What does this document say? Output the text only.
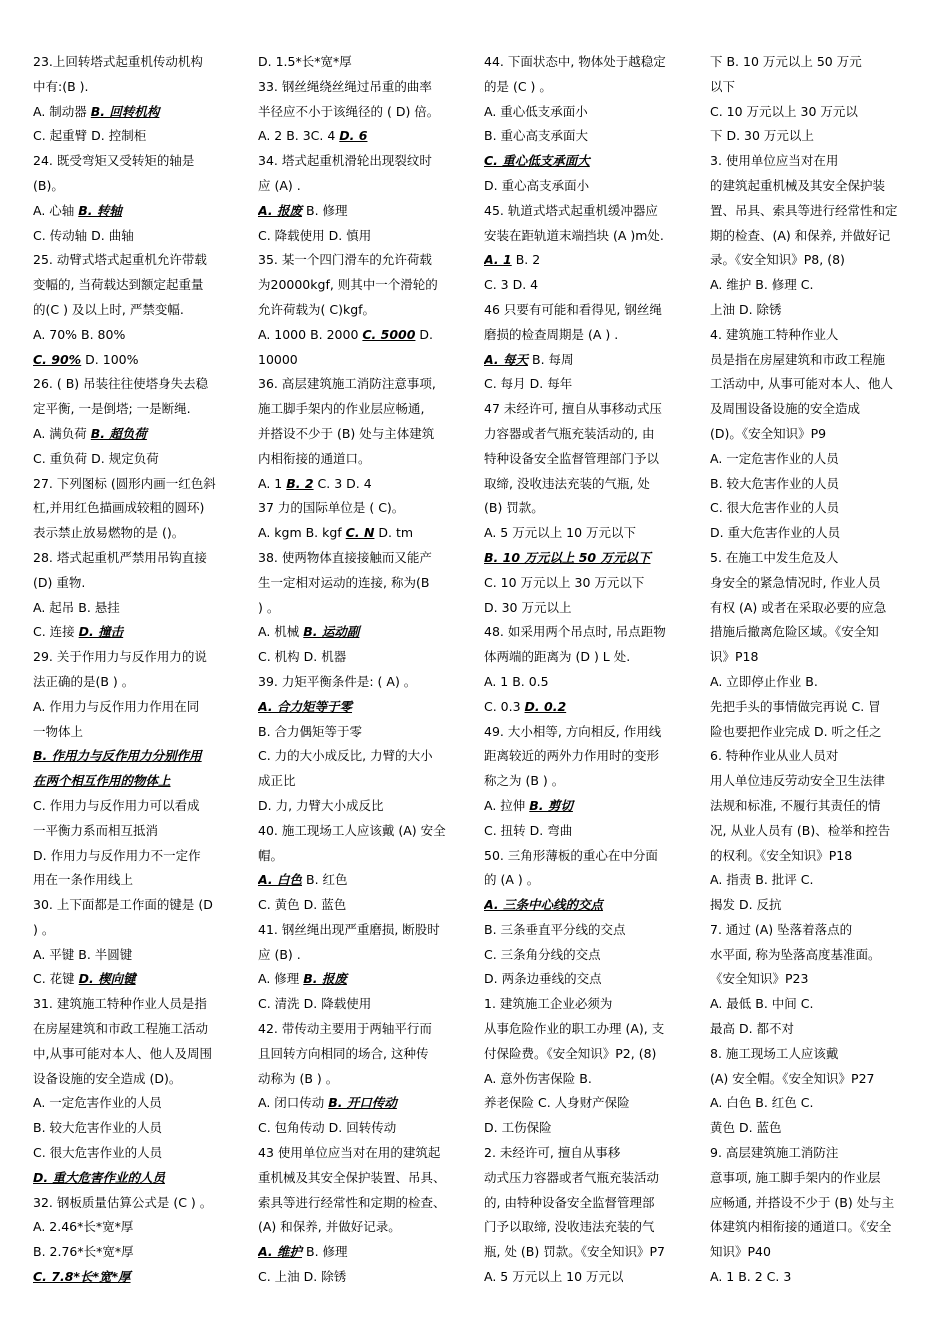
23.上回转塔式起重机传动机构
中有:(B ).
A. 制动器 B. 回转机构
C. 起重臂 D. 控制柜
24. 既受弯矩又受转矩的轴是
(B)。
A. 心轴 B. 转轴
C. 传动轴 D. 曲轴
25. 动臂式塔式起重机允许带载
变幅的, 当荷载达到额定起重量
的(C ) 及以上时, 严禁变幅.
A. 70% B. 80%
C. 90% D. 100%
26. ( B) 吊装往往使塔身失去稳
定平衡, 一是倒塔; 一是断绳.
A. 满负荷 B. 超负荷
C. 重负荷 D. 规定负荷
27. 下列图标 (圆形内画一红色斜
杠,并用红色描画成较粗的圆环)
表示禁止放易燃物的是 ()。
28. 塔式起重机严禁用吊钩直接
(D) 重物.
A. 起吊 B. 悬挂
C. 连接 D. 撞击
29. 关于作用力与反作用力的说
法正确的是(B ) 。
A. 作用力与反作用力作用在同
一物体上
B. 作用力与反作用力分别作用
在两个相互作用的物体上
C. 作用力与反作用力可以看成
一平衡力系而相互抵消
D. 作用力与反作用力不一定作
用在一条作用线上
30. 上下面都是工作面的键是 (D
) 。
A. 平键 B. 半圆键
C. 花键 D. 楔向键
31. 建筑施工特种作业人员是指
在房屋建筑和市政工程施工活动
中,从事可能对本人、他人及周围
设备设施的安全造成 (D)。
A. 一定危害作业的人员
B. 较大危害作业的人员
C. 很大危害作业的人员
D. 重大危害作业的人员
32. 钢板质量估算公式是 (C ) 。
A. 2.46*长*宽*厚
B. 2.76*长*宽*厚
C. 7.8*长*宽*厚
D. 1.5*长*宽*厚
33. 钢丝绳绕丝绳过吊重的曲率
半径应不小于该绳径的 ( D) 倍。
A. 2 B. 3C. 4 D. 6
34. 塔式起重机滑轮出现裂纹时
应 (A) .
A. 报废 B. 修理
C. 降载使用 D. 慎用
35. 某一个四门滑车的允许荷载
为20000kgf, 则其中一个滑轮的
允许荷载为( C)kgf。
A. 1000 B. 2000 C. 5000 D.
10000
36. 高层建筑施工消防注意事项,
施工脚手架内的作业层应畅通,
并搭设不少于 (B) 处与主体建筑
内相衔接的通道口。
A. 1 B. 2 C. 3 D. 4
37 力的国际单位是 ( C)。
A. kgm B. kgf C. N D. tm
38. 使两物体直接接触而又能产
生一定相对运动的连接, 称为(B
) 。
A. 机械 B. 运动副
C. 机构 D. 机器
39. 力矩平衡条件是: ( A) 。
A. 合力矩等于零
B. 合力偶矩等于零
C. 力的大小成反比, 力臂的大小
成正比
D. 力, 力臂大小成反比
40. 施工现场工人应该戴 (A) 安全
帽。
A. 白色 B. 红色
C. 黄色 D. 蓝色
41. 钢丝绳出现严重磨损, 断股时
应 (B) .
A. 修理 B. 报废
C. 清洗 D. 降载使用
42. 带传动主要用于两轴平行而
且回转方向相同的场合, 这种传
动称为 (B ) 。
A. 闭口传动 B. 开口传动
C. 包角传动 D. 回转传动
43 使用单位应当对在用的建筑起
重机械及其安全保护装置、吊具、
索具等进行经常性和定期的检查、
(A) 和保养, 并做好记录。
A. 维护 B. 修理
C. 上油 D. 除锈
44. 下面状态中, 物体处于越稳定
的是 (C ) 。
A. 重心低支承面小
B. 重心高支承面大
C. 重心低支承面大
D. 重心高支承面小
45. 轨道式塔式起重机缓冲器应
安装在距轨道末端挡块 (A )m处.
A. 1 B. 2
C. 3 D. 4
46 只要有可能和看得见, 钢丝绳
磨损的检查周期是 (A ) .
A. 每天 B. 每周
C. 每月 D. 每年
47 未经许可, 擅自从事移动式压
力容器或者气瓶充装活动的, 由
特种设备安全监督管理部门予以
取缔, 没收违法充装的气瓶, 处
(B) 罚款。
A. 5 万元以上 10 万元以下
B. 10 万元以上 50 万元以下
C. 10 万元以上 30 万元以下
D. 30 万元以上
48. 如采用两个吊点时, 吊点距物
体两端的距离为 (D ) L 处.
A. 1 B. 0.5
C. 0.3 D. 0.2
49. 大小相等, 方向相反, 作用线
距离较近的两外力作用时的变形
称之为 (B ) 。
A. 拉伸 B. 剪切
C. 扭转 D. 弯曲
50. 三角形薄板的重心在中分面
的 (A ) 。
A. 三条中心线的交点
B. 三条垂直平分线的交点
C. 三条角分线的交点
D. 两条边垂线的交点
1. 建筑施工企业必须为
从事危险作业的职工办理 (A), 支
付保险费。《安全知识》P2, (8)
A. 意外伤害保险 B.
养老保险 C. 人身财产保险
D. 工伤保险
2. 未经许可, 擅自从事移
动式压力容器或者气瓶充装活动
的, 由特种设备安全监督管理部
门予以取缔, 没收违法充装的气
瓶, 处 (B) 罚款。《安全知识》P7
A. 5 万元以上 10 万元以
下 B. 10 万元以上 50 万元
以下
C. 10 万元以上 30 万元以
下 D. 30 万元以上
3. 使用单位应当对在用
的建筑起重机械及其安全保护装
置、吊具、索具等进行经常性和定
期的检查、(A) 和保养, 并做好记
录。《安全知识》P8, (8)
A. 维护 B. 修理 C.
上油 D. 除锈
4. 建筑施工特种作业人
员是指在房屋建筑和市政工程施
工活动中, 从事可能对本人、他人
及周围设备设施的安全造成
(D)。《安全知识》P9
A. 一定危害作业的人员
B. 较大危害作业的人员
C. 很大危害作业的人员
D. 重大危害作业的人员
5. 在施工中发生危及人
身安全的紧急情况时, 作业人员
有权 (A) 或者在采取必要的应急
措施后撤离危险区域。《安全知
识》P18
A. 立即停止作业 B.
先把手头的事情做完再说 C. 冒
险也要把作业完成 D. 听之任之
6. 特种作业从业人员对
用人单位违反劳动安全卫生法律
法规和标准, 不履行其责任的情
况, 从业人员有 (B)、检举和控告
的权利。《安全知识》P18
A. 指责 B. 批评 C.
揭发 D. 反抗
7. 通过 (A) 坠落着落点的
水平面, 称为坠落高度基准面。
《安全知识》P23
A. 最低 B. 中间 C.
最高 D. 都不对
8. 施工现场工人应该戴
(A) 安全帽。《安全知识》P27
A. 白色 B. 红色 C.
黄色 D. 蓝色
9. 高层建筑施工消防注
意事项, 施工脚手架内的作业层
应畅通, 并搭设不少于 (B) 处与主
体建筑内相衔接的通道口。《安全
知识》P40
A. 1 B. 2 C. 3
